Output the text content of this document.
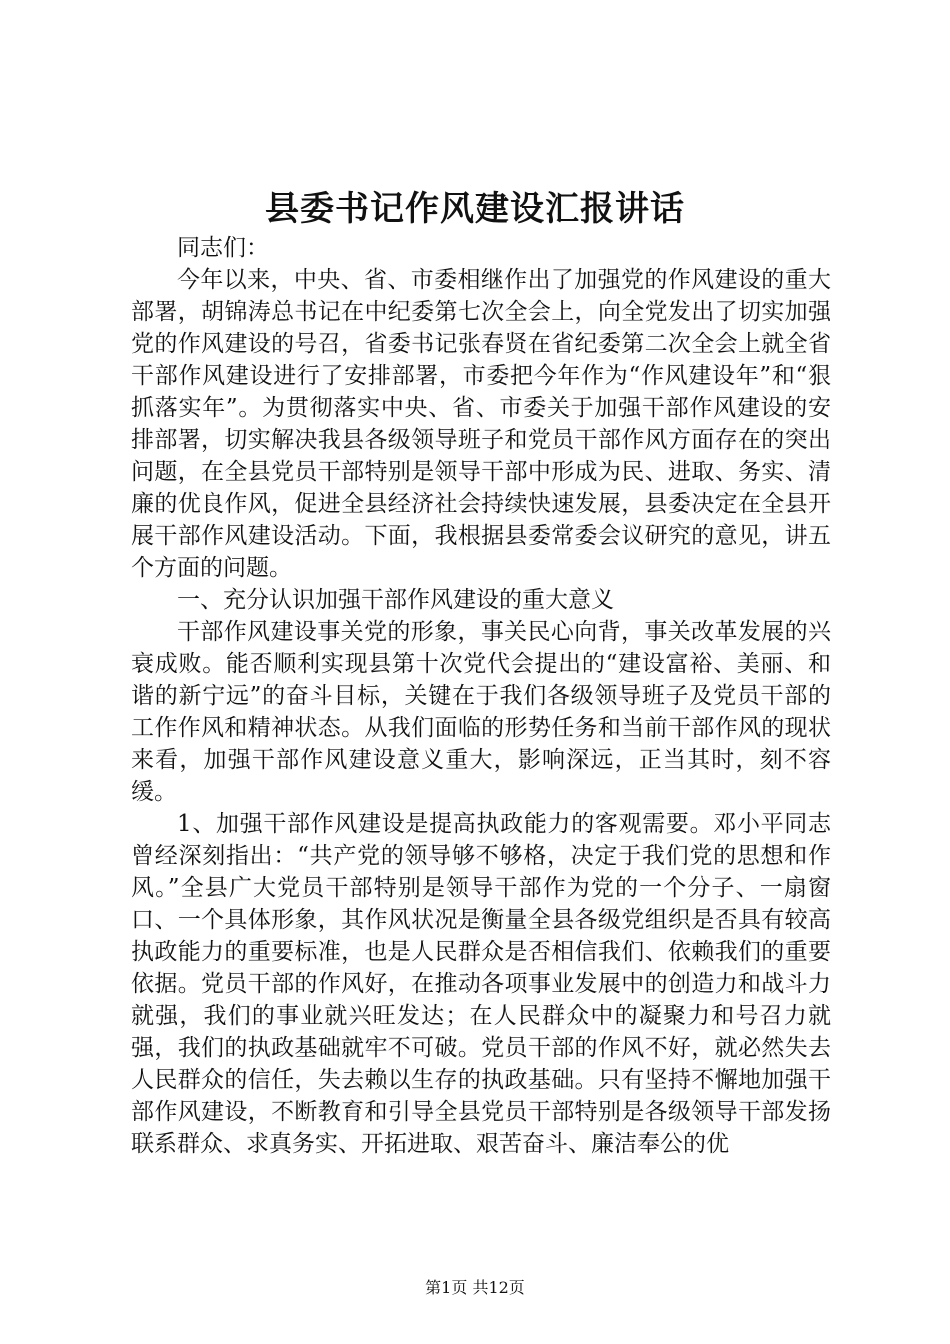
县委书记作风建设汇报讲话

同志们：

今年以来，中央、省、市委相继作出了加强党的作风建设的重大部署，胡锦涛总书记在中纪委第七次全会上，向全党发出了切实加强党的作风建设的号召，省委书记张春贤在省纪委第二次全会上就全省干部作风建设进行了安排部署，市委把今年作为“作风建设年”和“狠抓落实年”。为贯彻落实中央、省、市委关于加强干部作风建设的安排部署，切实解决我县各级领导班子和党员干部作风方面存在的突出问题，在全县党员干部特别是领导干部中形成为民、进取、务实、清廉的优良作风，促进全县经济社会持续快速发展，县委决定在全县开展干部作风建设活动。下面，我根据县委常委会议研究的意见，讲五个方面的问题。

一、充分认识加强干部作风建设的重大意义

干部作风建设事关党的形象，事关民心向背，事关改革发展的兴衰成败。能否顺利实现县第十次党代会提出的“建设富裕、美丽、和谐的新宁远”的奋斗目标，关键在于我们各级领导班子及党员干部的工作作风和精神状态。从我们面临的形势任务和当前干部作风的现状来看，加强干部作风建设意义重大，影响深远，正当其时，刻不容缓。

1、加强干部作风建设是提高执政能力的客观需要。邓小平同志曾经深刻指出：“共产党的领导够不够格，决定于我们党的思想和作风。”全县广大党员干部特别是领导干部作为党的一个分子、一扇窗口、一个具体形象，其作风状况是衡量全县各级党组织是否具有较高执政能力的重要标准，也是人民群众是否相信我们、依赖我们的重要依据。党员干部的作风好，在推动各项事业发展中的创造力和战斗力就强，我们的事业就兴旺发达；在人民群众中的凝聚力和号召力就强，我们的执政基础就牢不可破。党员干部的作风不好，就必然失去人民群众的信任，失去赖以生存的执政基础。只有坚持不懈地加强干部作风建设，不断教育和引导全县党员干部特别是各级领导干部发扬联系群众、求真务实、开拓进取、艰苦奋斗、廉洁奉公的优

第1页 共12页
